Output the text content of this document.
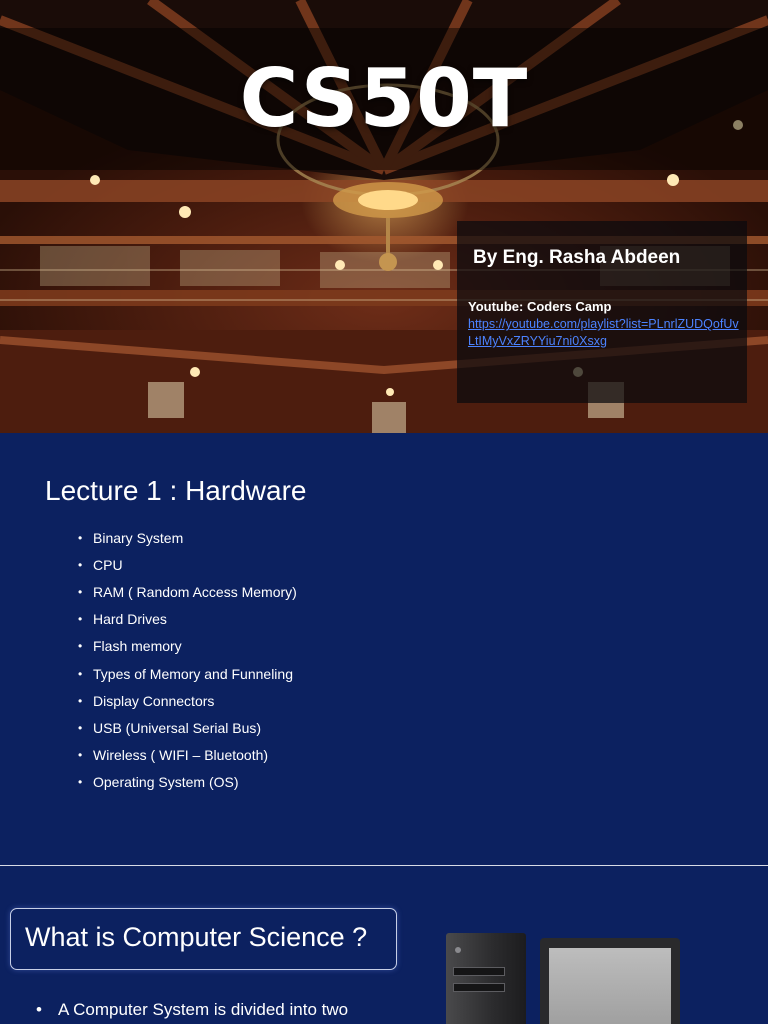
CS50T
By Eng. Rasha Abdeen
Youtube: Coders Camp
https://youtube.com/playlist?list=PLnrlZUDQofUvLtIMyVxZRYYiu7ni0Xsxg
Lecture 1 : Hardware
• Binary System
• CPU
• RAM ( Random Access Memory)
• Hard Drives
• Flash memory
• Types of Memory and Funneling
• Display Connectors
• USB (Universal Serial Bus)
• Wireless ( WIFI – Bluetooth)
• Operating System (OS)
What is Computer Science ?
• A Computer System is divided into two
